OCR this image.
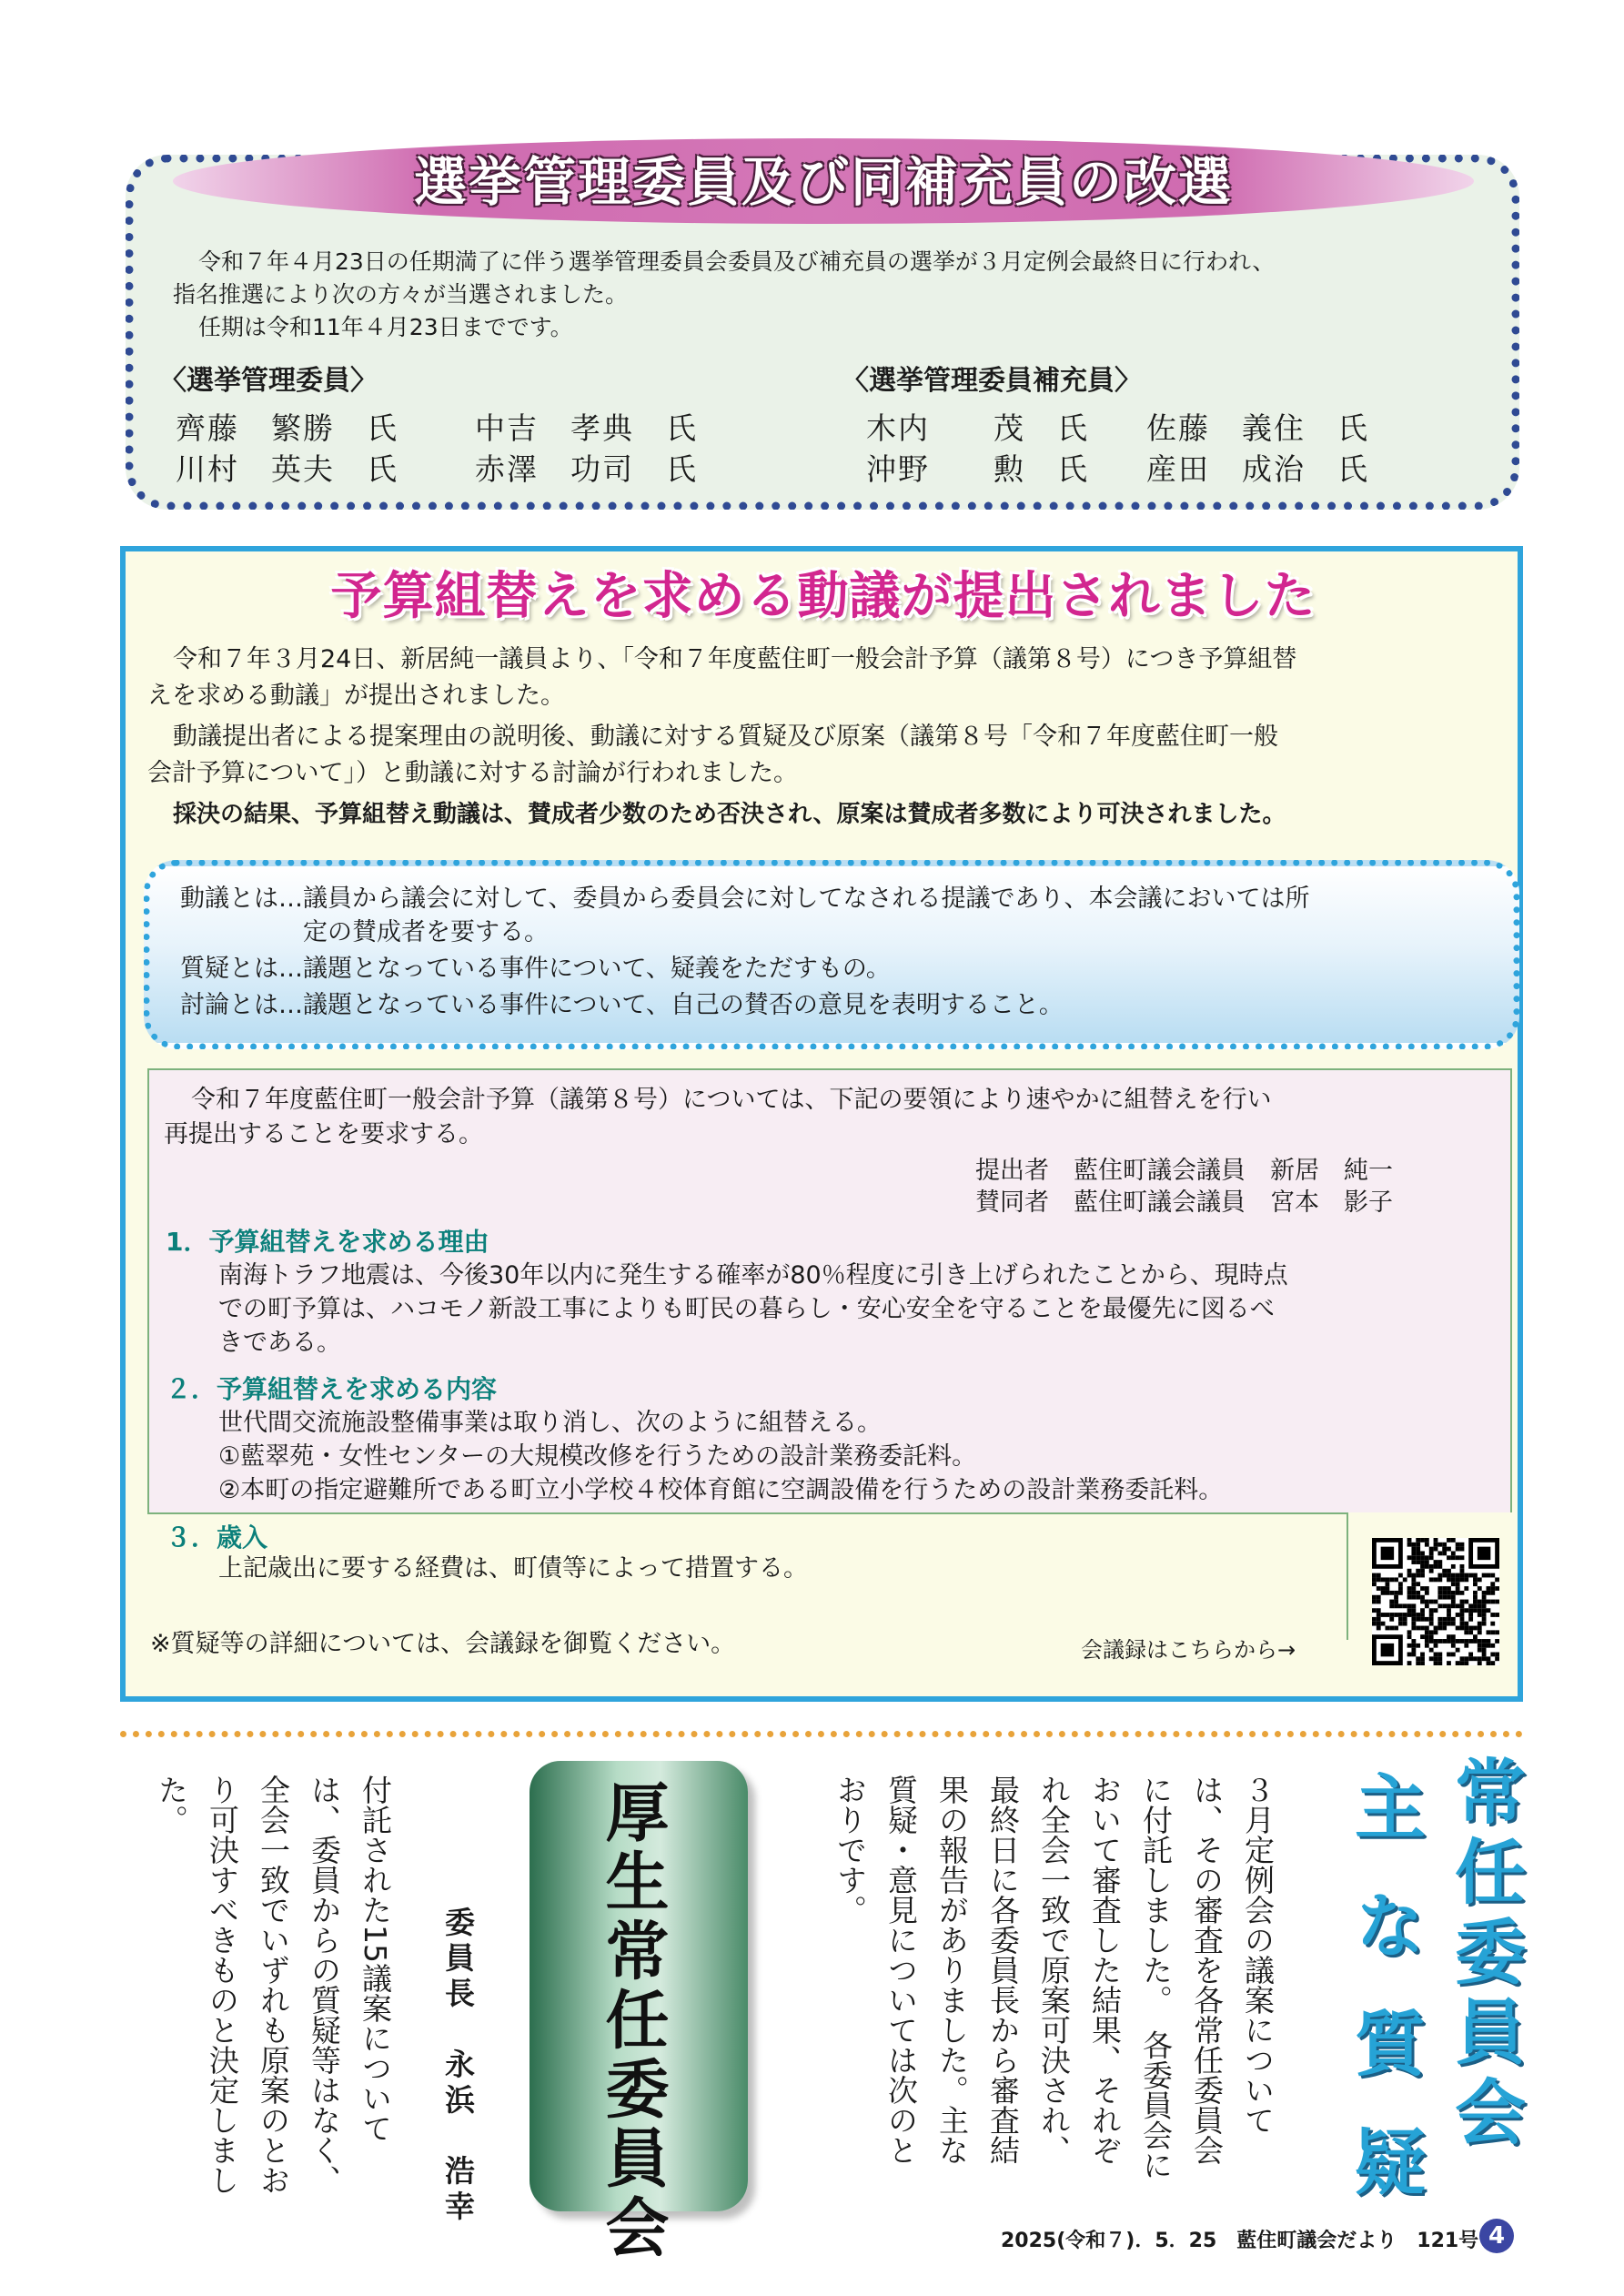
選挙管理委員及び同補充員の改選
令和７年４月23日の任期満了に伴う選挙管理委員会委員及び補充員の選挙が３月定例会最終日に行われ、
指名推選により次の方々が当選されました。
任期は令和11年４月23日までです。
〈選挙管理委員〉
齊藤　繁勝　氏	中吉　孝典　氏
川村　英夫　氏	赤澤　功司　氏
〈選挙管理委員補充員〉
木内　　茂　氏 佐藤　義住　氏
沖野　　勲　氏 産田　成治　氏
予算組替えを求める動議が提出されました
令和７年３月24日、新居純一議員より、「令和７年度藍住町一般会計予算（議第８号）につき予算組替
えを求める動議」が提出されました。
動議提出者による提案理由の説明後、動議に対する質疑及び原案（議第８号「令和７年度藍住町一般
会計予算について」）と動議に対する討論が行われました。
採決の結果、予算組替え動議は、賛成者少数のため否決され、原案は賛成者多数により可決されました。
動議とは…議員から議会に対して、委員から委員会に対してなされる提議であり、本会議においては所
　　　　　定の賛成者を要する。
質疑とは…議題となっている事件について、疑義をただすもの。
討論とは…議題となっている事件について、自己の賛否の意見を表明すること。
令和７年度藍住町一般会計予算（議第８号）については、下記の要領により速やかに組替えを行い
再提出することを要求する。
提出者　藍住町議会議員　新居　純一
賛同者　藍住町議会議員　宮本　影子
1．予算組替えを求める理由
南海トラフ地震は、今後30年以内に発生する確率が80％程度に引き上げられたことから、現時点
での町予算は、ハコモノ新設工事によりも町民の暮らし・安心安全を守ることを最優先に図るべ
きである。
２．予算組替えを求める内容
世代間交流施設整備事業は取り消し、次のように組替える。
①藍翠苑・女性センターの大規模改修を行うための設計業務委託料。
②本町の指定避難所である町立小学校４校体育館に空調設備を行うための設計業務委託料。
３．歳入
上記歳出に要する経費は、町債等によって措置する。
※質疑等の詳細については、会議録を御覧ください。	会議録はこちらから→
常任委員会
主な質疑
３月定例会の議案については、その審査を各常任委員会に付託しました。　各委員会において審査した結果、それぞれ全会一致で原案可決され、最終日に各委員長から審査結果の報告がありました。主な質疑・意見については次のとおりです。
厚生常任委員会
委員長　永浜　浩幸
付託された15議案については、委員からの質疑等はなく、全会一致でいずれも原案のとおり可決すべきものと決定しました。
2025(令和７)．5．25　藍住町議会だより　121号 4
